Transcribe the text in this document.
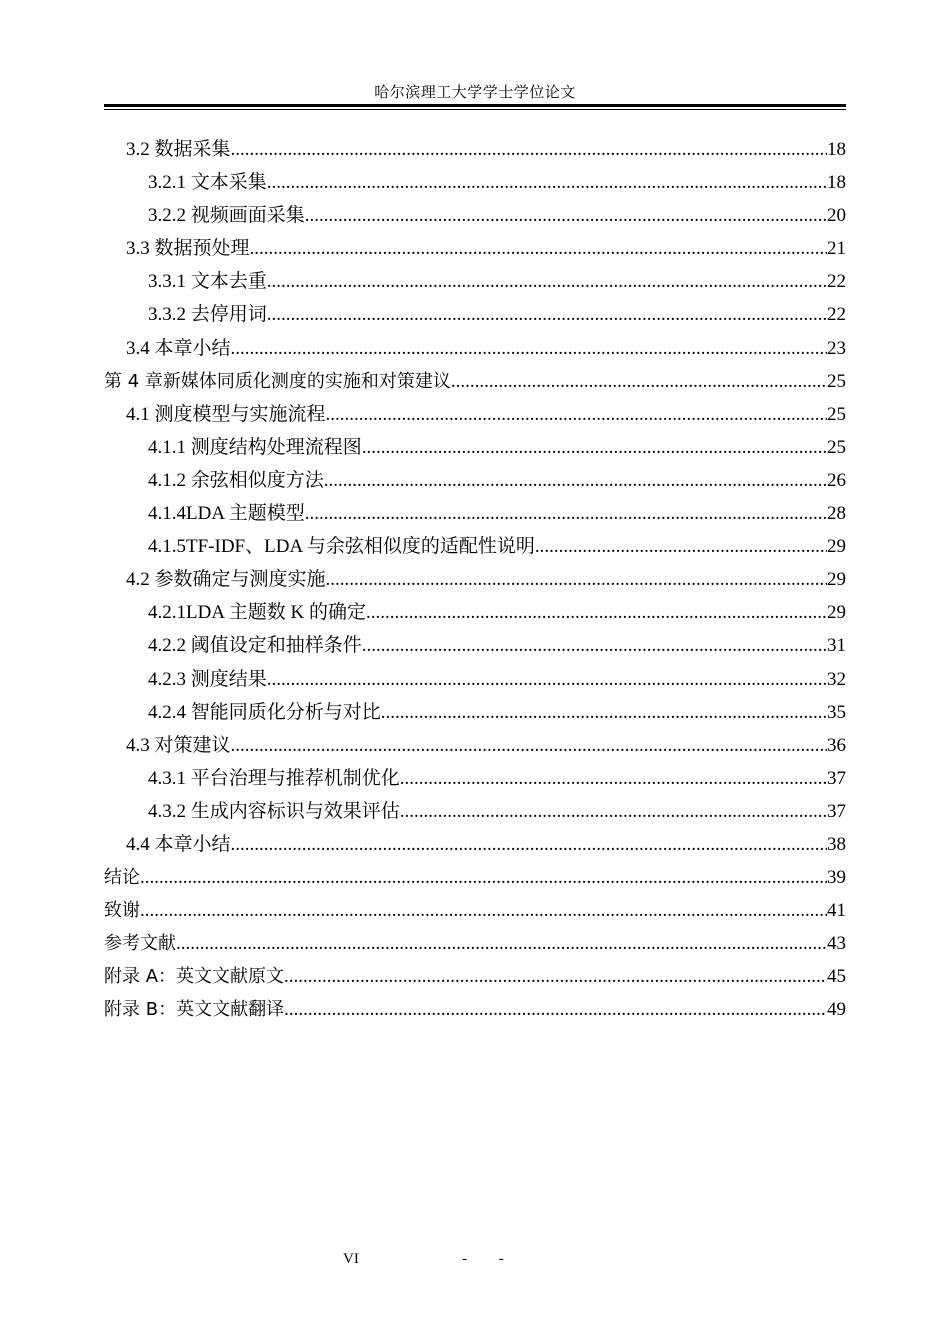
哈尔滨理工大学学士学位论文
3.2 数据采集 .....	18
3.2.1 文本采集 .....	18
3.2.2 视频画面采集 .....	20
3.3 数据预处理 .....	21
3.3.1 文本去重 .....	22
3.3.2 去停用词 .....	22
3.4 本章小结 .....	23
第 4 章新媒体同质化测度的实施和对策建议 .....	25
4.1 测度模型与实施流程 .....	25
4.1.1 测度结构处理流程图 .....	25
4.1.2 余弦相似度方法 .....	26
4.1.4LDA 主题模型 .....	28
4.1.5TF-IDF、LDA 与余弦相似度的适配性说明 .....	29
4.2 参数确定与测度实施 .....	29
4.2.1LDA 主题数 K 的确定 .....	29
4.2.2 阈值设定和抽样条件 .....	31
4.2.3 测度结果 .....	32
4.2.4 智能同质化分析与对比 .....	35
4.3 对策建议 .....	36
4.3.1 平台治理与推荐机制优化 .....	37
4.3.2 生成内容标识与效果评估 .....	37
4.4 本章小结 .....	38
结论 .....	39
致谢 .....	41
参考文献 .....	43
附录 A：英文文献原文 .....	45
附录 B：英文文献翻译 .....	49
VI	- -
